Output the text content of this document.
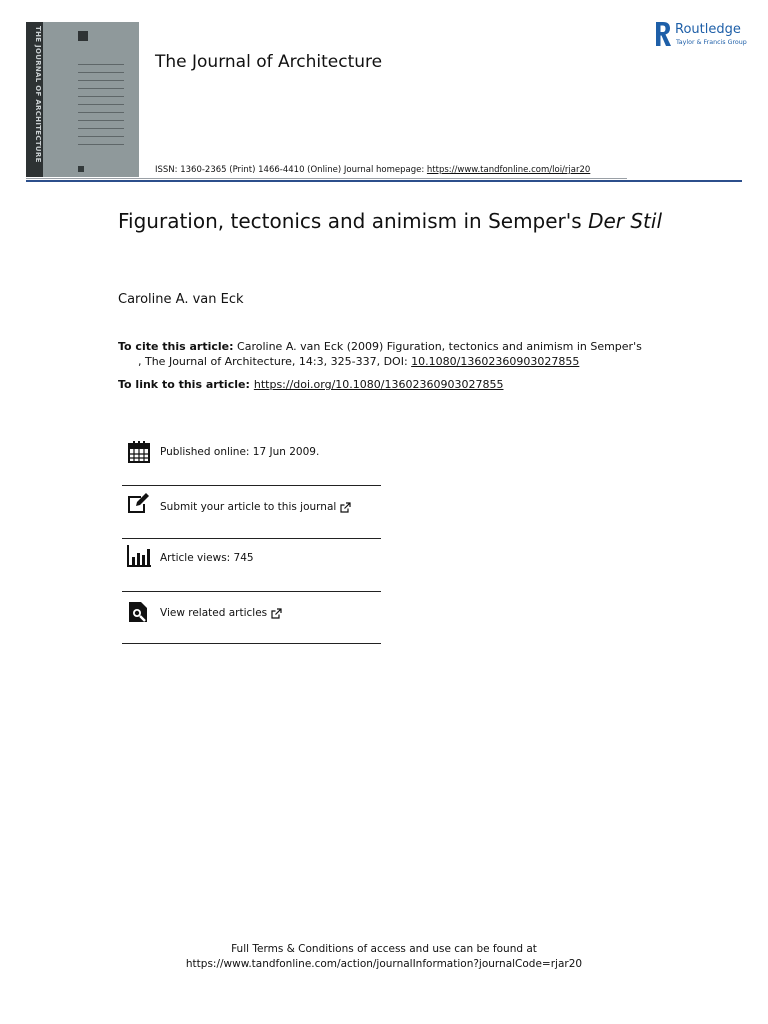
THE JOURNAL OF ARCHITECTURE	The Journal of Architecture
ISSN: 1360-2365 (Print) 1466-4410 (Online) Journal homepage: https://www.tandfonline.com/loi/rjar20
Routledge
Taylor & Francis Group
Figuration, tectonics and animism in Semper's Der Stil
Caroline A. van Eck
To cite this article: Caroline A. van Eck (2009) Figuration, tectonics and animism in Semper's
, The Journal of Architecture, 14:3, 325-337, DOI: 10.1080/13602360903027855
To link to this article: https://doi.org/10.1080/13602360903027855
Published online: 17 Jun 2009.
Submit your article to this journal
Article views: 745
View related articles
Full Terms & Conditions of access and use can be found at
https://www.tandfonline.com/action/journalInformation?journalCode=rjar20
